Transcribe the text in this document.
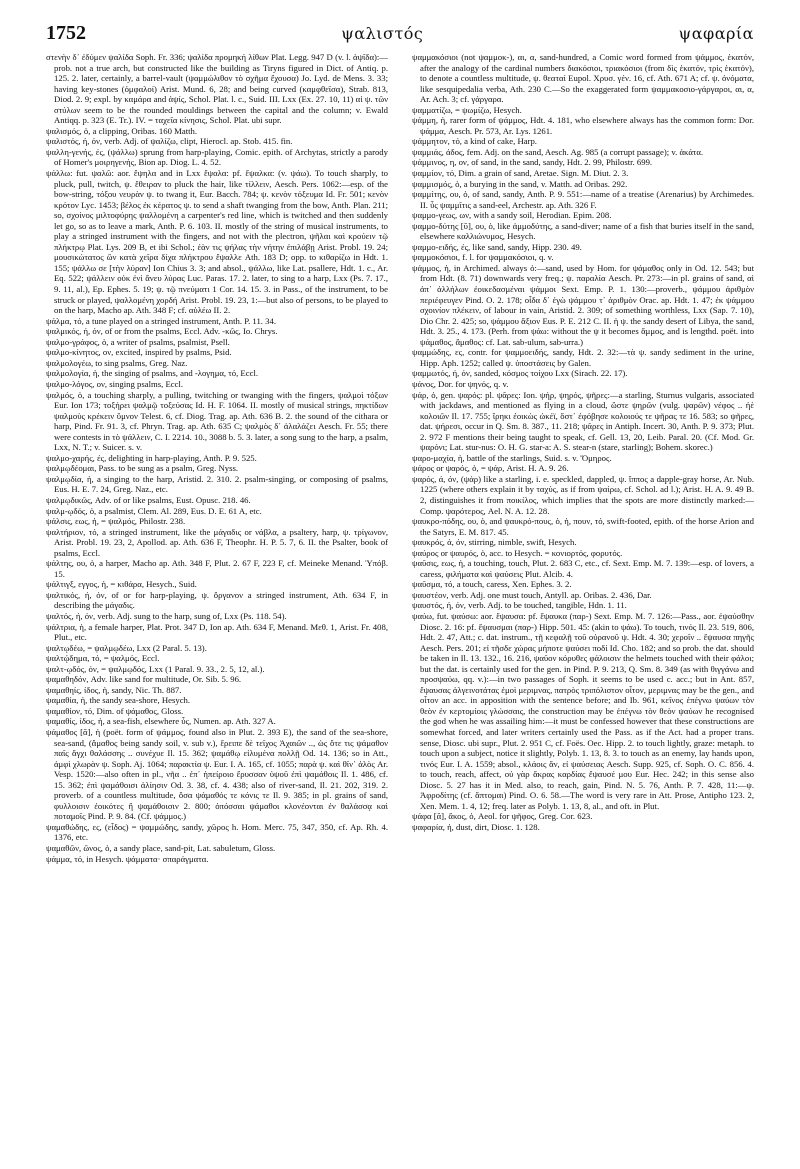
1752	ψαλιστός	ψαφαρία

στενὴν δ᾿ ἐδύμεν ψαλίδα Soph. Fr. 336; ψαλίδα προμηκή λίθων Plat. Legg. 947 D (v. l. ἁψῖδα):—prob. not a true arch, but constructed like the building as Tiryns figured in Dict. of Antiq. p. 125. 2. later, certainly, a barrel-vault (ψαμμώλιθον τὸ σχῆμα ἔχουσα) Jo. Lyd. de Mens. 3. 33; having key-stones (ὀμφαλοί) Arist. Mund. 6, 28; and being curved (καμφθεῖσα), Strab. 813, Diod. 2. 9; expl. by καμάρα and ἁψίς, Schol. Plat. l. c., Suid. III. Lxx (Ex. 27. 10, 11) αἱ ψ. τῶν στύλων seem to be the rounded mouldings between the capital and the column; v. Ewald Antiqq. p. 323 (E. Tr.). IV. = ταχεῖα κίνησις, Schol. Plat. ubi supr.

ψαλισμός, ὁ, a clipping, Oribas. 160 Matth.

ψαλιστός, ή, όν, verb. Adj. of ψαλίζω, clipt, Hierocl. ap. Stob. 415. fin.

ψαλλη-γενής, ές, (ψάλλω) sprung from harp-playing, Comic. epith. of Archytas, strictly a parody of Homer's μοιρηγενής, Bion ap. Diog. L. 4. 52.

ψάλλω: fut. ψαλῶ: aor. ἔψηλα and in Lxx ἔψαλα: pf. ἔψαλκα: (v. ψάω). To touch sharply, to pluck, pull, twitch, ψ. ἔθειραν to pluck the hair, like τίλλειν, Aesch. Pers. 1062:—esp. of the bow-string, τόξου νευρὰν ψ. to twang it, Eur. Bacch. 784; ψ. κενὸν τόξευμα Id. Fr. 501; κενὸν κρότον Lyc. 1453; βέλος ἐκ κέρατος ψ. to send a shaft twanging from the bow, Anth. Plan. 211; so, σχοίνος μιλτοφύρης ψαλλομένη a carpenter's red line, which is twitched and then suddenly let go, so as to leave a mark, Anth. P. 6. 103. II. mostly of the string of musical instruments, to play a stringed instrument with the fingers, and not with the plectron, ψῆλαι καὶ κρούειν τῷ πλήκτρῳ Plat. Lys. 209 B, et ibi Schol.; ἐὰν τις ψήλας τὴν νήτην ἐπιλάβῃ Arist. Probl. 19. 24; μουσικώτατος ὢν κατὰ χεῖρα δίχα πλήκτρου ἔψαλλε Ath. 183 D; opp. to κιθαρίζω in Hdt. 1. 155; ψάλλω σε [τὴν λύραν] Ion Chius 3. 3; and absol., ψάλλω, like Lat. psallere, Hdt. 1. c., Ar. Eq. 522; ψάλλειν οὐκ ἐνὶ ἄνευ λύρας Luc. Paras. 17. 2. later, to sing to a harp, Lxx (Ps. 7. 17., 9. 11, al.), Ep. Ephes. 5. 19; ψ. τῷ πνεύματι 1 Cor. 14. 15. 3. in Pass., of the instrument, to be struck or played, ψαλλομένη χορδή Arist. Probl. 19. 23, 1:—but also of persons, to be played to on the harp, Macho ap. Ath. 348 F; cf. αὐλέω II. 2.

ψάλμα, τό, a tune played on a stringed instrument, Anth. P. 11. 34.

ψαλμικός, ή, όν, of or from the psalms, Eccl. Adv. -κῶς, Io. Chrys.

ψαλμο-γράφος, ὁ, a writer of psalms, psalmist, Psell.

ψαλμο-κίνητος, ον, excited, inspired by psalms, Psid.

ψαλμολογέω, to sing psalms, Greg. Naz.

ψαλμολογία, ἡ, the singing of psalms, and -λογημα, τό, Eccl.

ψαλμο-λόγος, ον, singing psalms, Eccl.

ψαλμός, ὁ, a touching sharply, a pulling, twitching or twanging with the fingers, ψαλμοὶ τόξων Eur. Ion 173; τοξήρει ψαλμῷ τοξεύσας Id. H. F. 1064. II. mostly of musical strings, πηκτίδων ψαλμοὺς κρέκειν ὕμνον Telest. 6, cf. Diog. Trag. ap. Ath. 636 B. 2. the sound of the cithara or harp, Pind. Fr. 91. 3, cf. Phryn. Trag. ap. Ath. 635 C; ψαλμὸς δ᾿ ἀλαλάζει Aesch. Fr. 55; there were contests in τὸ ψάλλειν, C. I. 2214. 10., 3088 b. 5. 3. later, a song sung to the harp, a psalm, Lxx, N. T.; v. Suicer. s. v.

ψαλμο-χαρής, ές, delighting in harp-playing, Anth. P. 9. 525.

ψαλμῳδέομαι, Pass. to be sung as a psalm, Greg. Nyss.

ψαλμῳδία, ἡ, a singing to the harp, Aristid. 2. 310. 2. psalm-singing, or composing of psalms, Eus. H. E. 7. 24, Greg. Naz., etc.

ψαλμῳδικῶς, Adv. of or like psalms, Eust. Opusc. 218. 46.

ψαλμ-ῳδός, ὁ, a psalmist, Clem. Al. 289, Eus. D. E. 61 A, etc.

ψάλσις, εως, ἡ, = ψαλμός, Philostr. 238.

ψαλτήριον, τό, a stringed instrument, like the μάγαδις or νάβλα, a psaltery, harp, ψ. τρίγωνον, Arist. Probl. 19. 23, 2, Apollod. ap. Ath. 636 F, Theophr. H. P. 5. 7, 6. II. the Psalter, book of psalms, Eccl.

ψάλτης, ου, ὁ, a harper, Macho ap. Ath. 348 F, Plut. 2. 67 F, 223 F, cf. Meineke Menand. Ὑπόβ. 15.

ψάλτιγξ, εγγος, ἡ, = κιθάρα, Hesych., Suid.

ψαλτικός, ή, όν, of or for harp-playing, ψ. ὄργανον a stringed instrument, Ath. 634 F, in describing the μάγαδις.

ψαλτός, ή, όν, verb. Adj. sung to the harp, sung of, Lxx (Ps. 118. 54).

ψάλτρια, ἡ, a female harper, Plat. Prot. 347 D, Ion ap. Ath. 634 F, Menand. Μεθ. 1, Arist. Fr. 408, Plut., etc.

ψαλτῳδέω, = ψαλμῳδέω, Lxx (2 Paral. 5. 13).

ψαλτῴδημα, τό, = ψαλμός, Eccl.

ψαλτ-ῳδός, όν, = ψαλμῳδός, Lxx (1 Paral. 9. 33., 2. 5, 12, al.).

ψαμαθηδόν, Adv. like sand for multitude, Or. Sib. 5. 96.

ψαμαθηίς, ίδος, ἡ, sandy, Nic. Th. 887.

ψαμαθία, ἡ, the sandy sea-shore, Hesych.

ψαμαθίον, τό, Dim. of ψάμαθος, Gloss.

ψαμαθίς, ίδος, ἡ, a sea-fish, elsewhere ὗς, Numen. ap. Ath. 327 A.

ψάμαθος [ᾰ], ἡ (poët. form of ψάμμος, found also in Plut. 2. 393 E), the sand of the sea-shore, sea-sand, (ἄμαθος being sandy soil, v. sub v.), ἔρειπε δὲ τεῖχος Ἀχαιῶν .., ὡς ὅτε τις ψάμαθον παῖς ἄγχι θαλάσσης .. συνέχυε Il. 15. 362; ψαμάθῳ εἰλυμένα πολλῇ Od. 14. 136; so in Att., ἀμφὶ χλωρὰν ψ. Soph. Aj. 1064; παρακτία ψ. Eur. I. A. 165, cf. 1055; παρὰ ψ. καὶ θῖν᾿ ἁλὸς Ar. Vesp. 1520:—also often in pl., νῆα .. ἐπ᾿ ἠπείροιο ἔρυσσαν ὑψοῦ ἐπὶ ψαμάθοις Il. 1. 486, cf. 15. 362; ἐπὶ ψαμάθοισι ἁλίησιν Od. 3. 38, cf. 4. 438; also of river-sand, Il. 21. 202, 319. 2. proverb. of a countless multitude, ὅσα ψάμαθός τε κόνις τε Il. 9. 385; in pl. grains of sand, φυλλοισιν ἐοικότες ἢ ψαμάθοισιν 2. 800; ὁπόσσαι ψάμαθοι κλονέονται ἐν θαλάσσᾳ καὶ ποταμοῖς Pind. P. 9. 84. (Cf. ψάμμος.)

ψαμαθώδης, ες, (εἶδος) = ψαμμώδης, sandy, χῶρος h. Hom. Merc. 75, 347, 350, cf. Ap. Rh. 4. 1376, etc.

ψαμαθῶν, ῶνος, ὁ, a sandy place, sand-pit, Lat. sabuletum, Gloss.

ψάμμα, τό, in Hesych. ψάμματα· σπαράγματα.

ψαμμακόσιοι (not ψαμμοκ-), αι, α, sand-hundred, a Comic word formed from ψάμμος, ἑκατόν, after the analogy of the cardinal numbers διακόσιοι, τριακόσιοι (from δὶς ἑκατόν, τρὶς ἑκατόν), to denote a countless multitude, ψ. θεαταί Eupol. Χρυσ. γέν. 16, cf. Ath. 671 A; cf. ψ. ὀνόματα, like sesquipedalia verba, Ath. 230 C.—So the exaggerated form ψαμμακοσιο-γάργαροι, αι, α, Ar. Ach. 3; cf. γάργαρα.

ψαμματίζω, = ψωμίζω, Hesych.

ψάμμη, ἡ, rarer form of ψάμμος, Hdt. 4. 181, who elsewhere always has the common form: Dor. ψάμμα, Aesch. Pr. 573, Ar. Lys. 1261.

ψάμμητον, τό, a kind of cake, Harp.

ψαμμιάς, άδος, fem. Adj. on the sand, Aesch. Ag. 985 (a corrupt passage); v. ἀκάτα.

ψάμμινος, η, ον, of sand, in the sand, sandy, Hdt. 2. 99, Philostr. 699.

ψαμμίον, τό, Dim. a grain of sand, Aretae. Sign. M. Diut. 2. 3.

ψαμμισμός, ὁ, a burying in the sand, v. Matth. ad Oribas. 292.

ψαμμίτης, ου, ὁ, of sand, sandy, Anth. P. 9. 551:—name of a treatise (Arenarius) by Archimedes. II. ὗς ψαμμῖτις a sand-eel, Archestr. ap. Ath. 326 F.

ψαμμο-γεως, ων, with a sandy soil, Herodian. Epim. 208.

ψαμμο-δύτης [ῠ], ου, ὁ, like ἀμμοδύτης, a sand-diver; name of a fish that buries itself in the sand, elsewhere καλλιώνυμος, Hesych.

ψαμμο-ειδής, ές, like sand, sandy, Hipp. 230. 49.

ψαμμοκόσιοι, f. l. for ψαμμακόσιοι, q. v.

ψάμμος, ἡ, in Archimed. always ὁ:—sand, used by Hom. for ψάμαθος only in Od. 12. 543; but from Hdt. (8. 71) downwards very freq.; ψ. παραλία Aesch. Pr. 273:—in pl. grains of sand, αἱ ἀπ᾿ ἀλλήλων ἐοικεδασμέναι ψάμμοι Sext. Emp. P. 1. 130:—proverb., ψάμμου ἀριθμὸν περιέφευγεν Pind. O. 2. 178; οἶδα δ᾿ ἐγὼ ψάμμου τ᾿ ἀριθμὸν Orac. ap. Hdt. 1. 47; ἐκ ψάμμου σχοινίον πλέκειν, of labour in vain, Aristid. 2. 309; of something worthless, Lxx (Sap. 7. 10), Dio Chr. 2. 425; so, ψάμμου ἄξιον Eus. P. E. 212 C. II. ἡ ψ. the sandy desert of Libya, the sand, Hdt. 3. 25., 4. 173. (Perh. from ψάω: without the ψ it becomes ἄμμος, and is lengthd. poët. into ψάμαθος, ἄμαθος: cf. Lat. sab-ulum, sab-urra.)

ψαμμώδης, ες, contr. for ψαμμοειδής, sandy, Hdt. 2. 32:—τὰ ψ. sandy sediment in the urine, Hipp. Aph. 1252; called ψ. ὑποστάσεις by Galen.

ψαμμωτός, ή, όν, sanded, κόσμος τοίχου Lxx (Sirach. 22. 17).

ψάνος, Dor. for ψηνός, q. v.

ψάρ, ὁ, gen. ψαρός: pl. ψᾶρες: Ion. ψήρ, ψηρός, ψῆρες:—a starling, Sturnus vulgaris, associated with jackdaws, and mentioned as flying in a cloud, ὥστε ψηρῶν (vulg. ψαρῶν) νέφος .. ἠὲ κολοιῶν Il. 17. 755; ἴρηκι ἐοικὼς ὠκέϊ, ὅστ᾿ ἐφόβησε κολοιούς τε ψῆρας τε 16. 583; so ψῆρες, dat. ψήρεσι, occur in Q. Sm. 8. 387., 11. 218; ψᾶρες in Antiph. Incert. 30, Anth. P. 9. 373; Plut. 2. 972 F mentions their being taught to speak, cf. Gell. 13, 20, Leib. Paral. 20. (Cf. Mod. Gr. ψαρόνι; Lat. stur-nus: O. H. G. star-a: A. S. stear-n (stare, starling); Bohem. skorec.)

ψαρο-μαχία, ἡ, battle of the starlings, Suid. s. v. Ὅμηρος.

ψάρος or ψαρός, ὁ, = ψάρ, Arist. H. A. 9. 26.

ψαρός, ά, όν, (ψάρ) like a starling, i. e. speckled, dappled, ψ. ἵππος a dapple-gray horse, Ar. Nub. 1225 (where others explain it by ταχύς, as if from ψαίρω, cf. Schol. ad l.); Arist. H. A. 9. 49 B. 2, distinguishes it from ποικίλος, which implies that the spots are more distinctly marked:—Comp. ψαρότερος, Ael. N. A. 12. 28.

ψαυκρο-πόδης, ου, ὁ, and ψαυκρό-πους, ὁ, ἡ, πουν, τό, swift-footed, epith. of the horse Arion and the Satyrs, E. M. 817. 45.

ψαυκρός, ά, όν, stirring, nimble, swift, Hesych.

ψαύρος or ψαυρός, ὁ, acc. to Hesych. = κονιορτός, φορυτός.

ψαῦσις, εως, ἡ, a touching, touch, Plut. 2. 683 C, etc., cf. Sext. Emp. M. 7. 139:—esp. of lovers, a caress, φιλήματα καὶ ψαύσεις Plut. Alcib. 4.

ψαῦσμα, τό, a touch, caress, Xen. Ephes. 3. 2.

ψαυστέον, verb. Adj. one must touch, Antyll. ap. Oribas. 2. 436, Dar.

ψαυστός, ή, όν, verb. Adj. to be touched, tangible, Hdn. 1. 11.

ψαύω, fut. ψαύσω: aor. ἔψαυσα: pf. ἔψαυκα (παρ-) Sext. Emp. M. 7. 126:—Pass., aor. ἐψαύσθην Diosc. 2. 16: pf. ἔψαυσμαι (παρ-) Hipp. 501. 45: (akin to ψάω). To touch, τινός Il. 23. 519, 806, Hdt. 2. 47, Att.; c. dat. instrum., τῇ κεφαλῇ τοῦ οὐρανοῦ ψ. Hdt. 4. 30; χεροῖν .. ἔψαυσα πηγῆς Aesch. Pers. 201; εἰ τῆσδε χώρας μήποτε ψαύσει ποδί Id. Cho. 182; and so prob. the dat. should be taken in Il. 13. 132., 16. 216, ψαῦον κόρυθες φάλοισιν the helmets touched with their φάλοι; but the dat. is certainly used for the gen. in Pind. P. 9. 213, Q. Sm. 8. 349 (as with θιγγάνω and προσψαύω, qq. v.):—in two passages of Soph. it seems to be used c. acc.; but in Ant. 857, ἔψαυσας ἀλγεινοτάτας ἐμοὶ μεριμνας, πατρὸς τριπόλιστον οἶτον, μεριμνας may be the gen., and οἶτον an acc. in apposition with the sentence before; and Ib. 961, κεῖνος ἐπέγνω ψαύων τὸν θεὸν ἐν κερτομίοις γλώσσαις, the construction may be ἐπέγνω τὸν θεὸν ψαύων he recognised the god when he was assailing him:—it must be confessed however that these constructions are somewhat forced, and later writers certainly used the Pass. as if the Act. had a proper trans. sense, Diosc. ubi supr., Plut. 2. 951 C, cf. Foës. Oec. Hipp. 2. to touch lightly, graze: metaph. to touch upon a subject, notice it slightly, Polyb. 1. 13, 8. 3. to touch as an enemy, lay hands upon, τινός Eur. I. A. 1559; absol., κλάοις ἄν, εἰ ψαύσειας Aesch. Supp. 925, cf. Soph. O. C. 856. 4. to touch, reach, affect, οὐ γὰρ ἄκρας καρδίας ἔψαυσέ μου Eur. Hec. 242; in this sense also Diosc. 5. 27 has it in Med. also, to reach, gain, Pind. N. 5. 76, Anth. P. 7. 428, 11:—ψ. Ἀφροδίτης (cf. ἅπτομαι) Pind. O. 6. 58.—The word is very rare in Att. Prose, Antipho 123. 2, Xen. Mem. 1. 4, 12; freq. later as Polyb. 1. 13, 8, al., and oft. in Plut.

ψάφα [ᾰ], ἄκος, ὁ, Aeol. for ψῆφος, Greg. Cor. 623.

ψαφαρία, ἡ, dust, dirt, Diosc. 1. 128.
